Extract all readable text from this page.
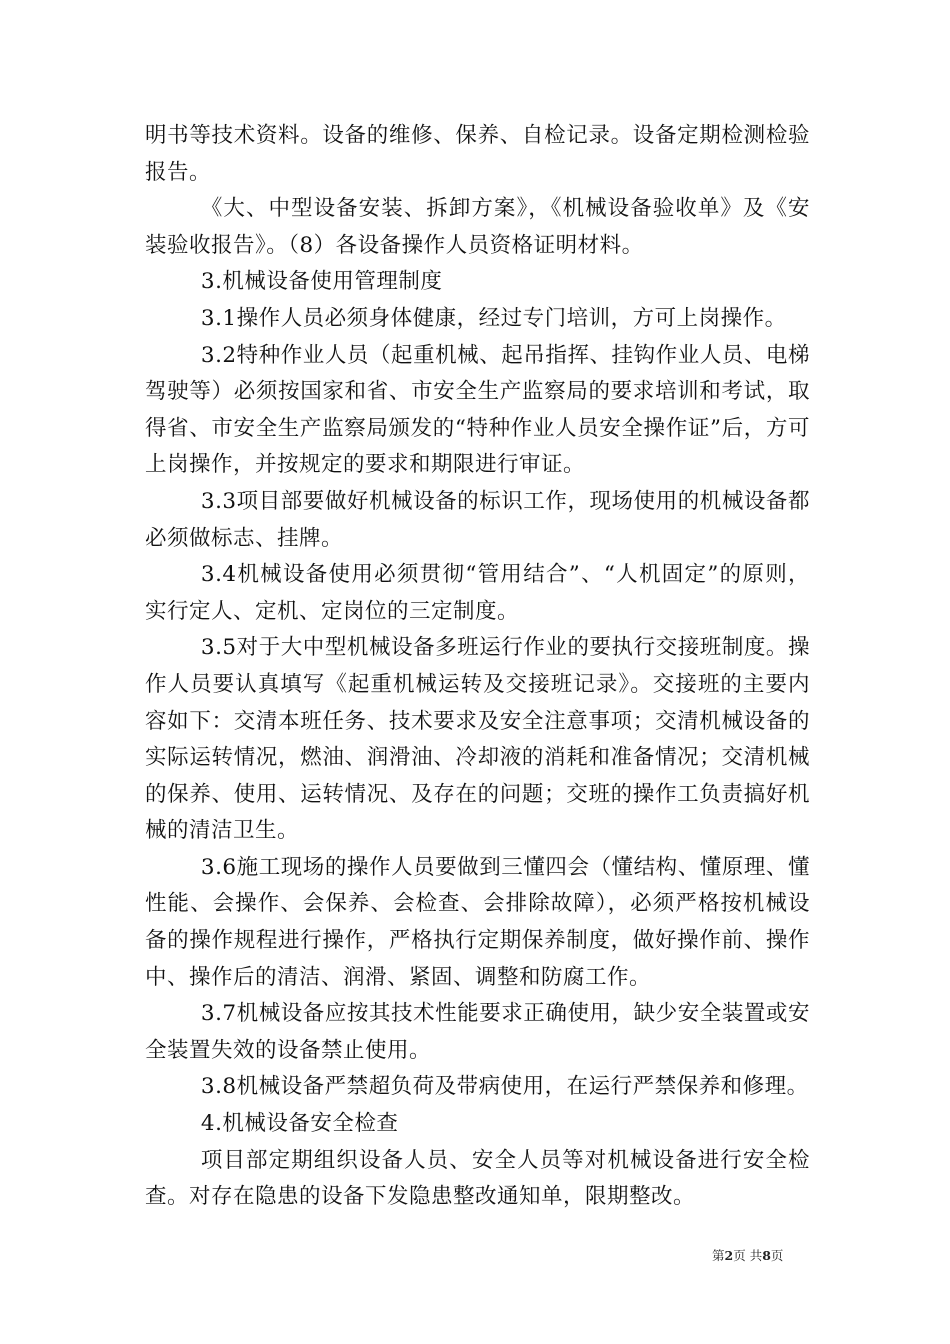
明书等技术资料。设备的维修、保养、自检记录。设备定期检测检验报告。

《大、中型设备安装、拆卸方案》，《机械设备验收单》及《安装验收报告》。（8）各设备操作人员资格证明材料。

3.机械设备使用管理制度

3.1操作人员必须身体健康，经过专门培训，方可上岗操作。

3.2特种作业人员（起重机械、起吊指挥、挂钩作业人员、电梯驾驶等）必须按国家和省、市安全生产监察局的要求培训和考试，取得省、市安全生产监察局颁发的“特种作业人员安全操作证”后，方可上岗操作，并按规定的要求和期限进行审证。

3.3项目部要做好机械设备的标识工作，现场使用的机械设备都必须做标志、挂牌。

3.4机械设备使用必须贯彻“管用结合”、“人机固定”的原则，实行定人、定机、定岗位的三定制度。

3.5对于大中型机械设备多班运行作业的要执行交接班制度。操作人员要认真填写《起重机械运转及交接班记录》。交接班的主要内容如下：交清本班任务、技术要求及安全注意事项；交清机械设备的实际运转情况，燃油、润滑油、冷却液的消耗和准备情况；交清机械的保养、使用、运转情况、及存在的问题；交班的操作工负责搞好机械的清洁卫生。

3.6施工现场的操作人员要做到三懂四会（懂结构、懂原理、懂性能、会操作、会保养、会检查、会排除故障），必须严格按机械设备的操作规程进行操作，严格执行定期保养制度，做好操作前、操作中、操作后的清洁、润滑、紧固、调整和防腐工作。

3.7机械设备应按其技术性能要求正确使用，缺少安全装置或安全装置失效的设备禁止使用。

3.8机械设备严禁超负荷及带病使用，在运行严禁保养和修理。

4.机械设备安全检查

项目部定期组织设备人员、安全人员等对机械设备进行安全检查。对存在隐患的设备下发隐患整改通知单，限期整改。

第2页 共8页
